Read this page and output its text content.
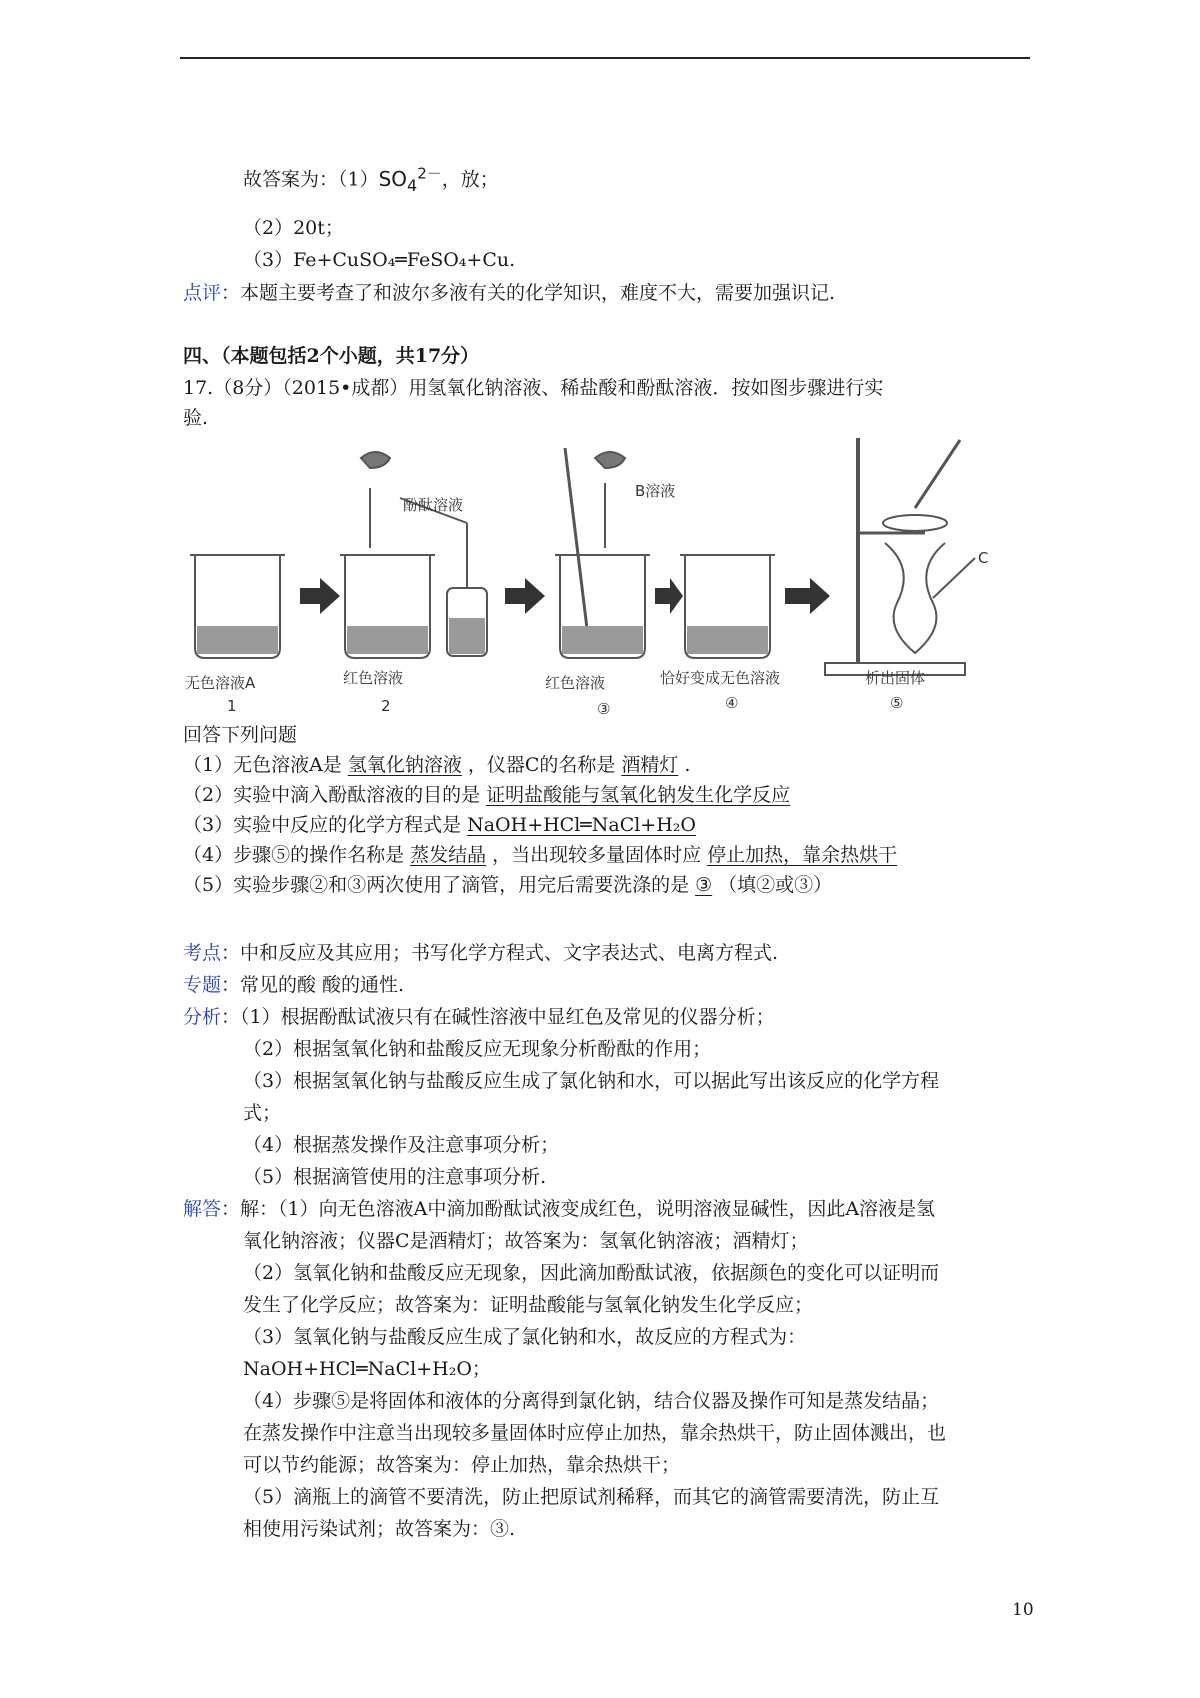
故答案为：$(1)SO_4^{2-}$，放；
（2）20t；
（3）Fe+CuSO₄═FeSO₄+Cu.
点评：本题主要考查了和波尔多液有关的化学知识，难度不大，需要加强识记.
四、（本题包括2个小题，共17分）
17.（8分）（2015•成都）用氢氧化钠溶液、稀盐酸和酚酞溶液．按如图步骤进行实
验.
酚酞溶液
B溶液
C
无色溶液A
1
红色溶液
2
红色溶液
③
恰好变成无色溶液
④
析出固体
⑤
回答下列问题
（1）无色溶液A是 氢氧化钠溶液 ，仪器C的名称是 酒精灯 .
（2）实验中滴入酚酞溶液的目的是 证明盐酸能与氢氧化钠发生化学反应
（3）实验中反应的化学方程式是 NaOH+HCl═NaCl+H₂O
（4）步骤⑤的操作名称是 蒸发结晶 ，当出现较多量固体时应 停止加热，靠余热烘干
（5）实验步骤②和③两次使用了滴管，用完后需要洗涤的是 ③ （填②或③）
考点：中和反应及其应用；书写化学方程式、文字表达式、电离方程式.
专题：常见的酸 酸的通性.
分析：（1）根据酚酞试液只有在碱性溶液中显红色及常见的仪器分析；
（2）根据氢氧化钠和盐酸反应无现象分析酚酞的作用；
（3）根据氢氧化钠与盐酸反应生成了氯化钠和水，可以据此写出该反应的化学方程
式；
（4）根据蒸发操作及注意事项分析；
（5）根据滴管使用的注意事项分析.
解答：解：（1）向无色溶液A中滴加酚酞试液变成红色，说明溶液显碱性，因此A溶液是氢
氧化钠溶液；仪器C是酒精灯；故答案为：氢氧化钠溶液；酒精灯；
（2）氢氧化钠和盐酸反应无现象，因此滴加酚酞试液，依据颜色的变化可以证明而
发生了化学反应；故答案为：证明盐酸能与氢氧化钠发生化学反应；
（3）氢氧化钠与盐酸反应生成了氯化钠和水，故反应的方程式为：
NaOH+HCl═NaCl+H₂O；
（4）步骤⑤是将固体和液体的分离得到氯化钠，结合仪器及操作可知是蒸发结晶；
在蒸发操作中注意当出现较多量固体时应停止加热，靠余热烘干，防止固体溅出，也
可以节约能源；故答案为：停止加热，靠余热烘干；
（5）滴瓶上的滴管不要清洗，防止把原试剂稀释，而其它的滴管需要清洗，防止互
相使用污染试剂；故答案为：③.
10
